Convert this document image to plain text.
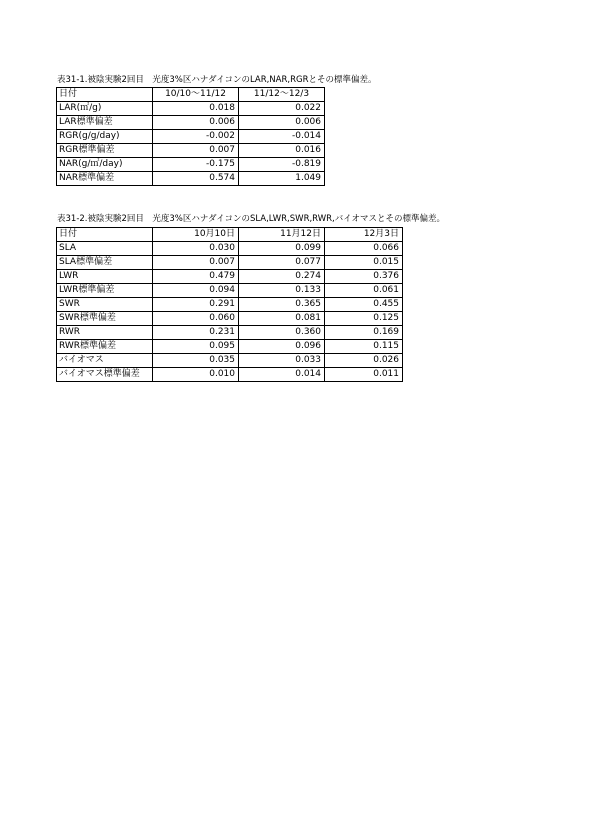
表31-1.被陰実験2回目　光度3%区ハナダイコンのLAR,NAR,RGRとその標準偏差。
日付	10/10～11/12	11/12～12/3
LAR(㎡/g)	0.018	0.022
LAR標準偏差	0.006	0.006
RGR(g/g/day)	-0.002	-0.014
RGR標準偏差	0.007	0.016
NAR(g/㎡/day)	-0.175	-0.819
NAR標準偏差	0.574	1.049
表31-2.被陰実験2回目　光度3%区ハナダイコンのSLA,LWR,SWR,RWR,バイオマスとその標準偏差。
日付	10月10日	11月12日	12月3日
SLA	0.030	0.099	0.066
SLA標準偏差	0.007	0.077	0.015
LWR	0.479	0.274	0.376
LWR標準偏差	0.094	0.133	0.061
SWR	0.291	0.365	0.455
SWR標準偏差	0.060	0.081	0.125
RWR	0.231	0.360	0.169
RWR標準偏差	0.095	0.096	0.115
バイオマス	0.035	0.033	0.026
バイオマス標準偏差	0.010	0.014	0.011
